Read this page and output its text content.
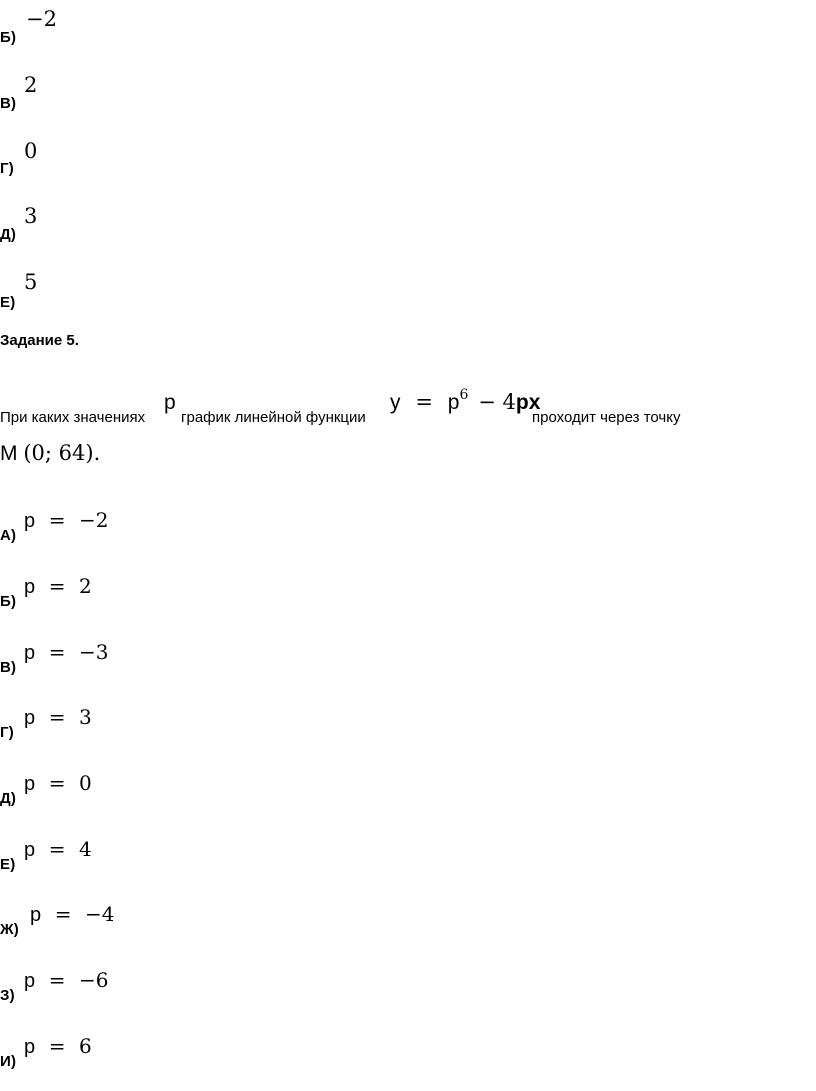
Б)
−2
В)
2
Г)
0
Д)
3
Е)
5
Задание 5.
При каких значениях
p
график линейной функции
$y = p^6 - 4px$
проходит через точку
M (0; 64).
А)
p = −2
Б)
p = 2
В)
p = −3
Г)
p = 3
Д)
p = 0
Е)
p = 4
Ж)
p = −4
З)
p = −6
И)
p = 6
